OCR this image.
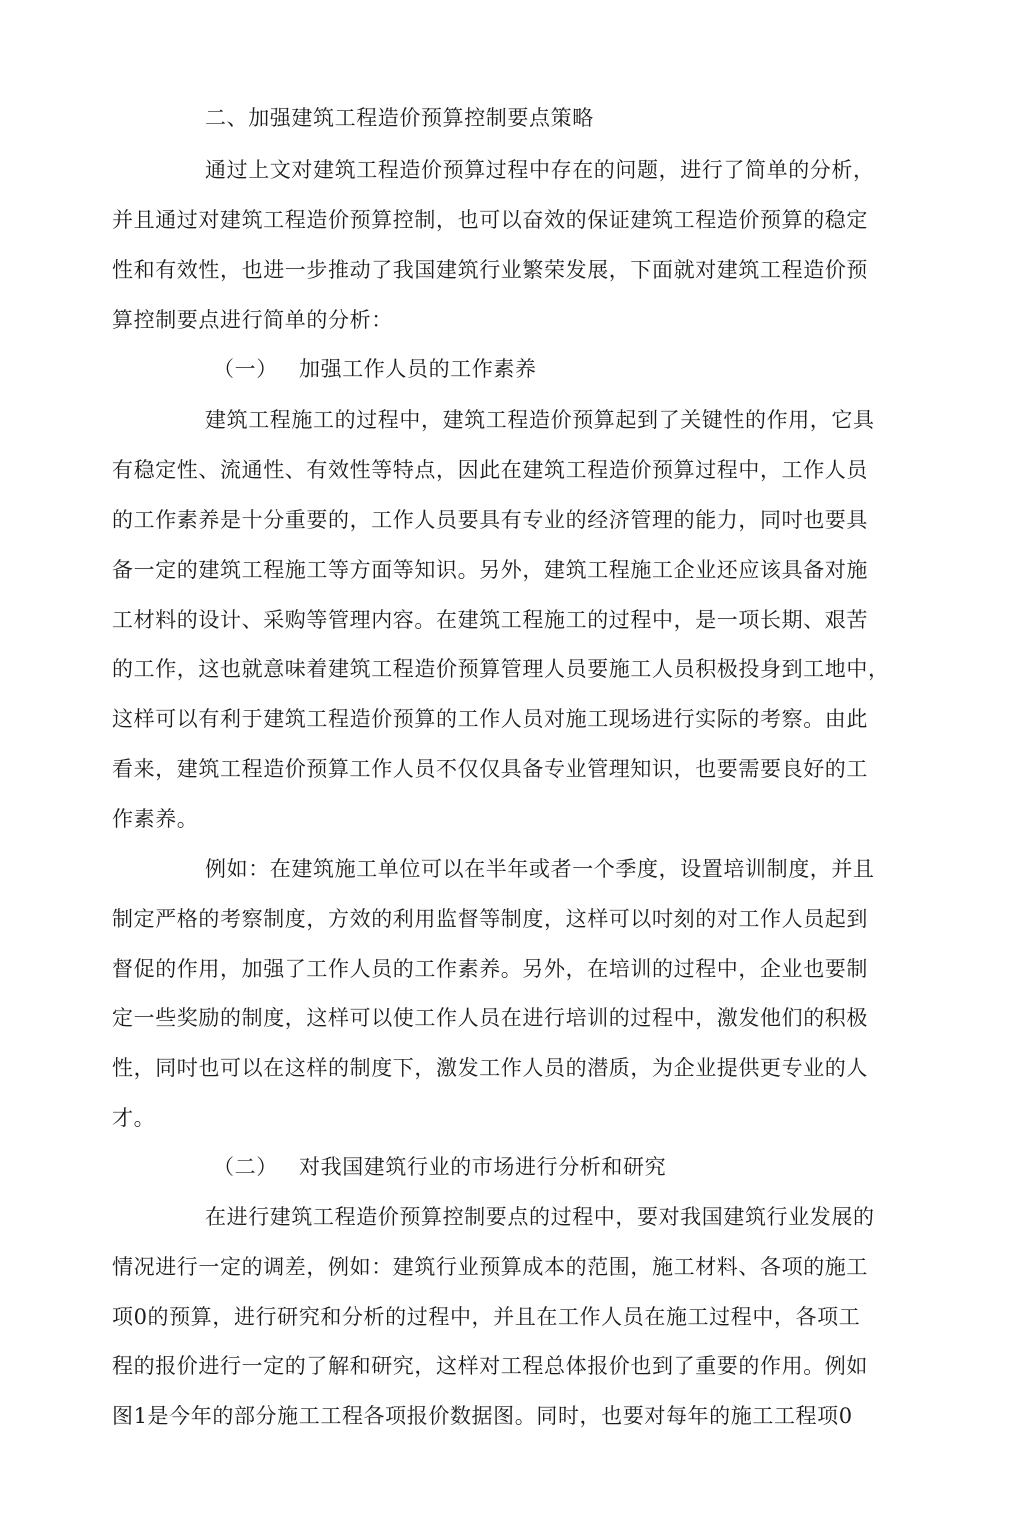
二、加强建筑工程造价预算控制要点策略
通过上文对建筑工程造价预算过程中存在的问题，进行了简单的分析，
并且通过对建筑工程造价预算控制，也可以奋效的保证建筑工程造价预算的稳定
性和有效性，也进一步推动了我国建筑行业繁荣发展，下面就对建筑工程造价预
算控制要点进行简单的分析：
（一） 加强工作人员的工作素养
建筑工程施工的过程中，建筑工程造价预算起到了关键性的作用，它具
有稳定性、流通性、有效性等特点，因此在建筑工程造价预算过程中，工作人员
的工作素养是十分重要的，工作人员要具有专业的经济管理的能力，同吋也要具
备一定的建筑工程施工等方面等知识。另外，建筑工程施工企业还应该具备对施
工材料的设计、采购等管理内容。在建筑工程施工的过程中，是一项长期、艰苦
的工作，这也就意味着建筑工程造价预算管理人员要施工人员积极投身到工地中，
这样可以有利于建筑工程造价预算的工作人员对施工现场进行实际的考察。由此
看来，建筑工程造价预算工作人员不仅仅具备专业管理知识，也要需要良好的工
作素养。
例如：在建筑施工单位可以在半年或者一个季度，设置培训制度，并且
制定严格的考察制度，方效的利用监督等制度，这样可以吋刻的对工作人员起到
督促的作用，加强了工作人员的工作素养。另外，在培训的过程中，企业也要制
定一些奖励的制度，这样可以使工作人员在进行培训的过程中，激发他们的积极
性，同吋也可以在这样的制度下，激发工作人员的潜质，为企业提供更专业的人
才。
（二） 对我国建筑行业的市场进行分析和研究
在进行建筑工程造价预算控制要点的过程中，要对我国建筑行业发展的
情况进行一定的调差，例如：建筑行业预算成本的范围，施工材料、各项的施工
项0的预算，进行研究和分析的过程中，并且在工作人员在施工过程中，各项工
程的报价进行一定的了解和研究，这样对工程总体报价也到了重要的作用。例如
图1是今年的部分施工工程各项报价数据图。同时，也要对每年的施工工程项0
